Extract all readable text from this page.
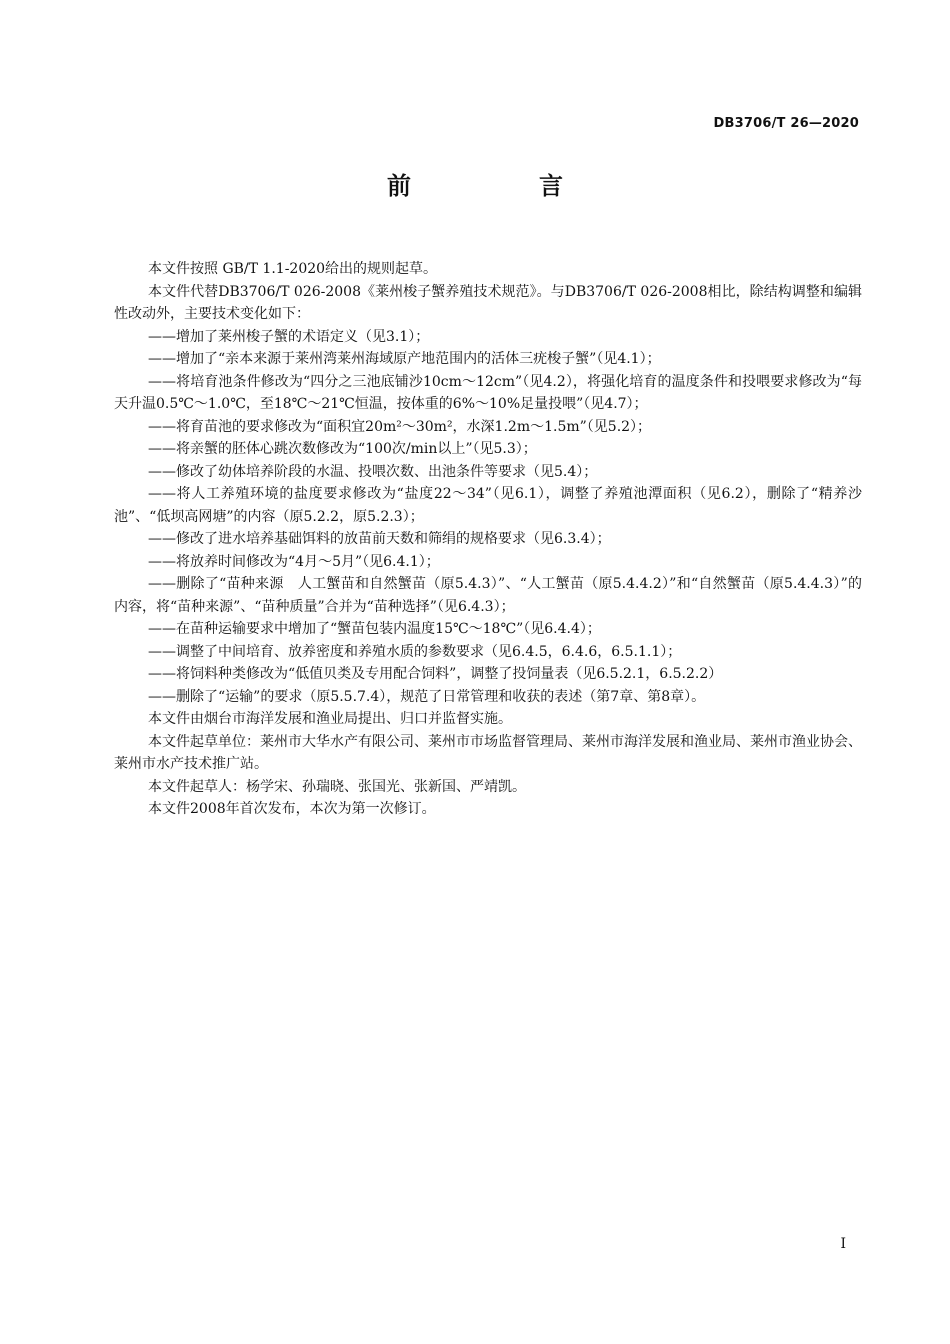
DB3706/T 26—2020
前　言

本文件按照 GB/T 1.1-2020给出的规则起草。

本文件代替DB3706/T 026-2008《莱州梭子蟹养殖技术规范》。与DB3706/T 026-2008相比，除结构调整和编辑性改动外，主要技术变化如下：

——增加了莱州梭子蟹的术语定义（见3.1）；

——增加了“亲本来源于莱州湾莱州海域原产地范围内的活体三疣梭子蟹”（见4.1）；

——将培育池条件修改为“四分之三池底铺沙10cm～12cm”（见4.2），将强化培育的温度条件和投喂要求修改为“每天升温0.5℃～1.0℃，至18℃～21℃恒温，按体重的6%～10%足量投喂”（见4.7）；

——将育苗池的要求修改为“面积宜20m²～30m²，水深1.2m～1.5m”（见5.2）；

——将亲蟹的胚体心跳次数修改为“100次/min以上”（见5.3）；

——修改了幼体培养阶段的水温、投喂次数、出池条件等要求（见5.4）；

——将人工养殖环境的盐度要求修改为“盐度22～34”（见6.1），调整了养殖池潭面积（见6.2），删除了“精养沙池”、“低坝高网塘”的内容（原5.2.2，原5.2.3）；

——修改了进水培养基础饵料的放苗前天数和筛绢的规格要求（见6.3.4）；

——将放养时间修改为“4月～5月”（见6.4.1）；

——删除了“苗种来源　人工蟹苗和自然蟹苗（原5.4.3）”、“人工蟹苗（原5.4.4.2）”和“自然蟹苗（原5.4.4.3）”的内容，将“苗种来源”、“苗种质量”合并为“苗种选择”（见6.4.3）；

——在苗种运输要求中增加了“蟹苗包装内温度15℃～18℃”（见6.4.4）；

——调整了中间培育、放养密度和养殖水质的参数要求（见6.4.5，6.4.6，6.5.1.1）；

——将饲料种类修改为“低值贝类及专用配合饲料”，调整了投饲量表（见6.5.2.1，6.5.2.2）

——删除了“运输”的要求（原5.5.7.4），规范了日常管理和收获的表述（第7章、第8章）。

本文件由烟台市海洋发展和渔业局提出、归口并监督实施。

本文件起草单位：莱州市大华水产有限公司、莱州市市场监督管理局、莱州市海洋发展和渔业局、莱州市渔业协会、莱州市水产技术推广站。

本文件起草人：杨学宋、孙瑞晓、张国光、张新国、严靖凯。

本文件2008年首次发布，本次为第一次修订。

I
